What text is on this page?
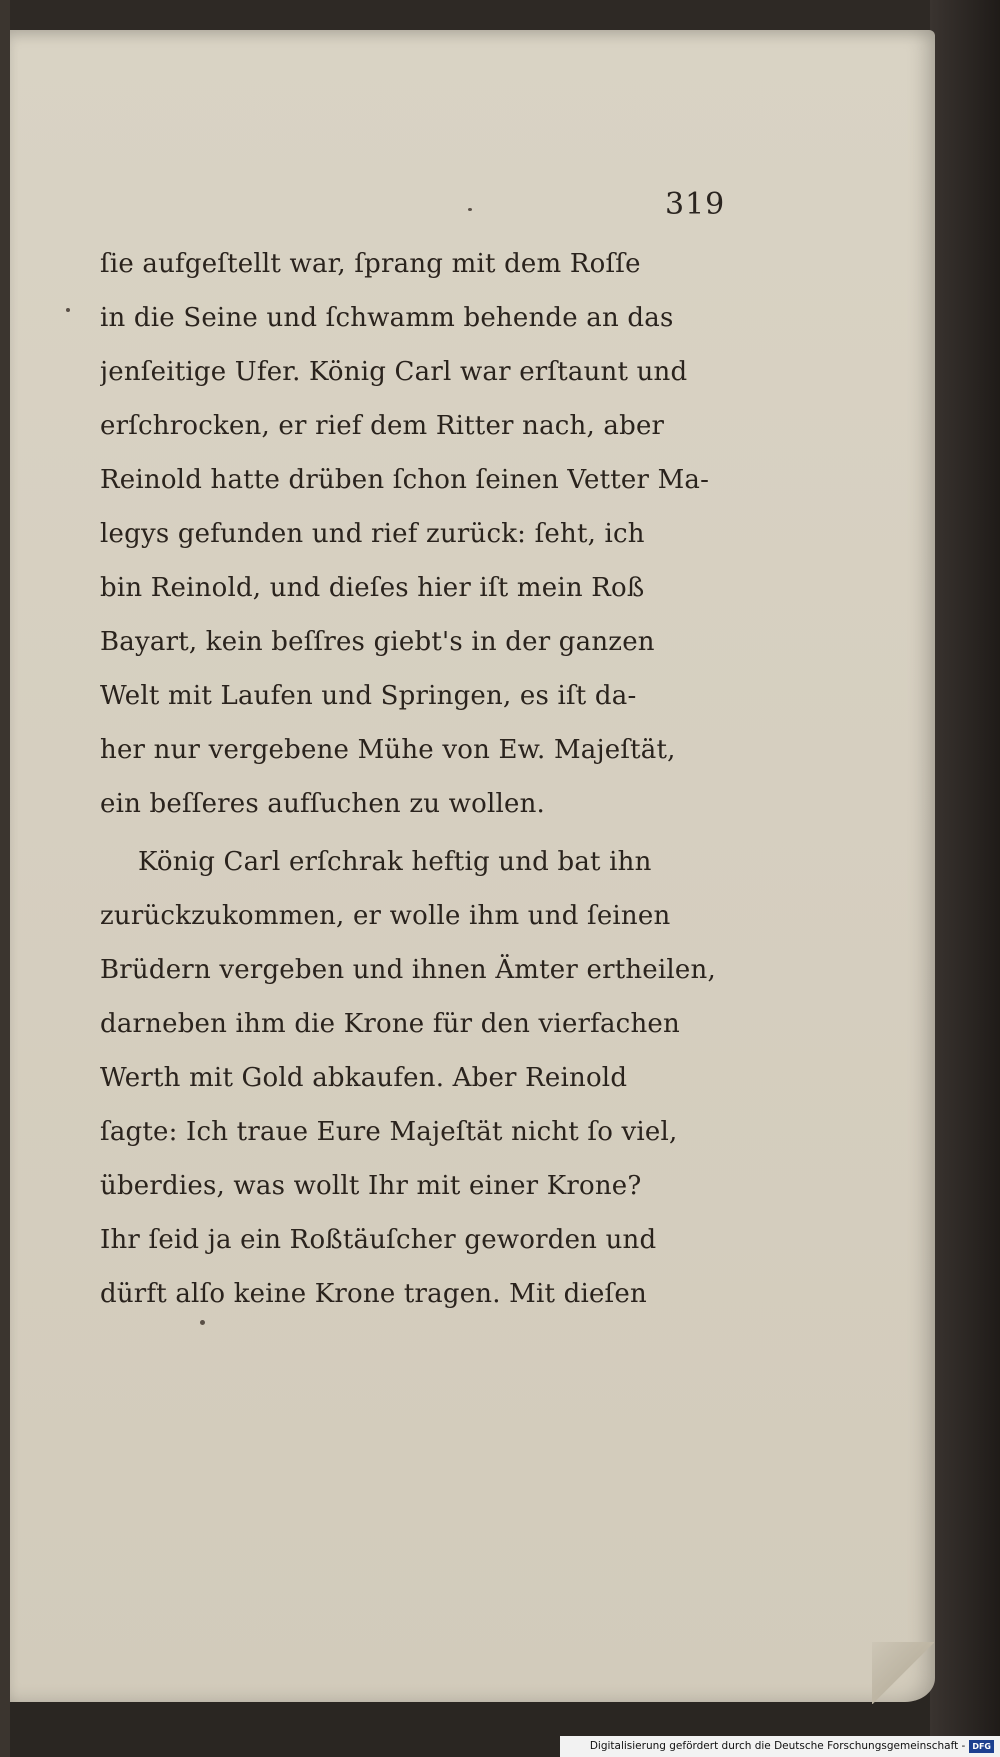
319
ſie aufgeſtellt war, ſprang mit dem Roſſe
in die Seine und ſchwamm behende an das
jenſeitige Ufer. König Carl war erſtaunt und
erſchrocken, er rief dem Ritter nach, aber
Reinold hatte drüben ſchon ſeinen Vetter Ma-
legys gefunden und rief zurück: ſeht, ich
bin Reinold, und dieſes hier iſt mein Roß
Bayart, kein beſſres giebt's in der ganzen
Welt mit Laufen und Springen, es iſt da-
her nur vergebene Mühe von Ew. Majeſtät,
ein beſſeres aufſuchen zu wollen.
König Carl erſchrak heftig und bat ihn
zurückzukommen, er wolle ihm und ſeinen
Brüdern vergeben und ihnen Ämter ertheilen,
darneben ihm die Krone für den vierfachen
Werth mit Gold abkaufen. Aber Reinold
ſagte: Ich traue Eure Majeſtät nicht ſo viel,
überdies, was wollt Ihr mit einer Krone?
Ihr ſeid ja ein Roßtäuſcher geworden und
dürft alſo keine Krone tragen. Mit dieſen
Digitalisierung gefördert durch die Deutsche Forschungsgemeinschaft - DFG
